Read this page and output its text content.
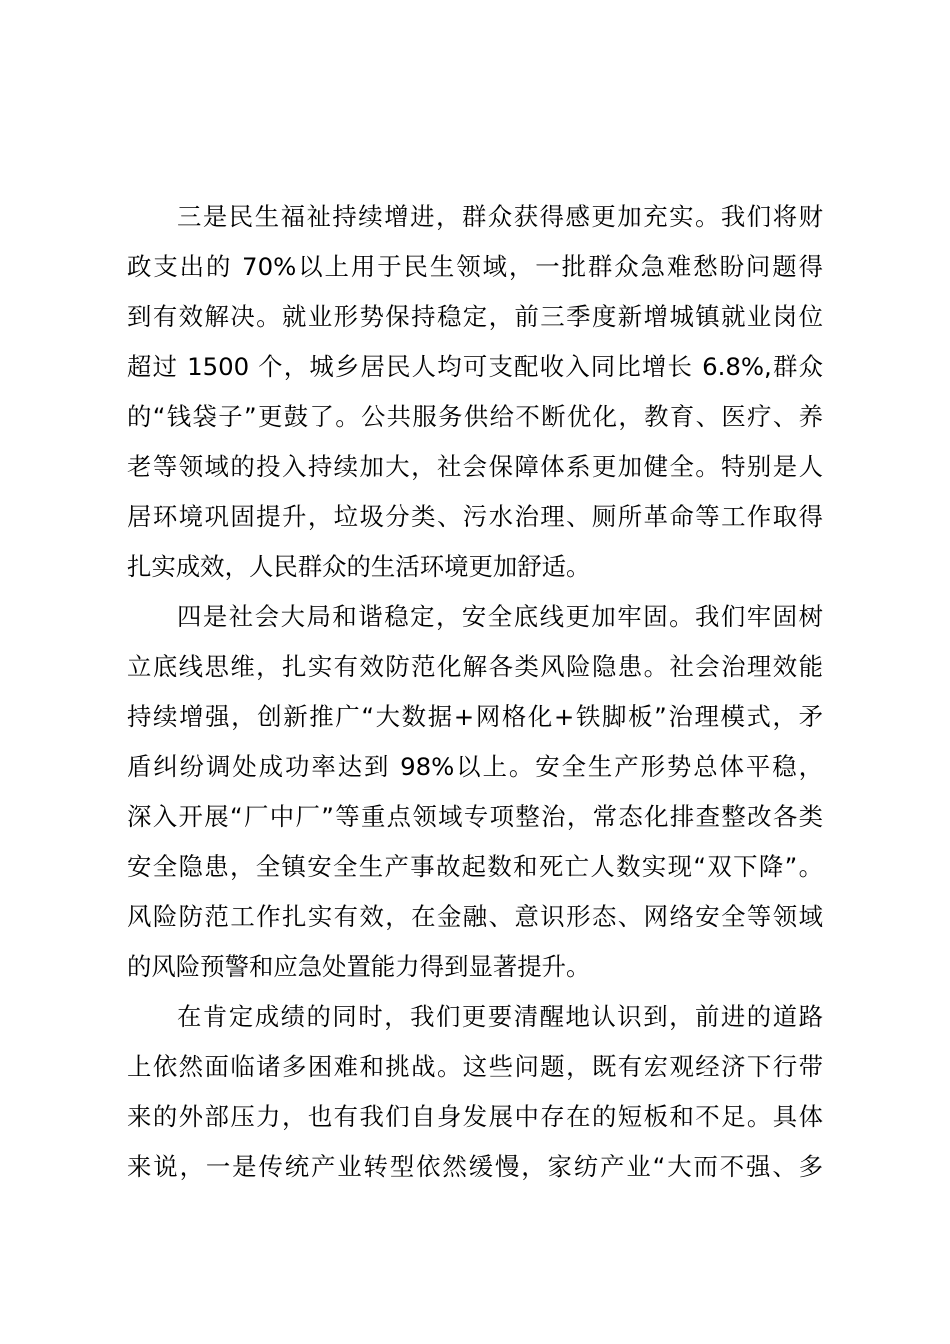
三是民生福祉持续增进，群众获得感更加充实。我们将财
政支出的 70%以上用于民生领域，一批群众急难愁盼问题得
到有效解决。就业形势保持稳定，前三季度新增城镇就业岗位
超过 1500 个，城乡居民人均可支配收入同比增长 6.8%,群众
的“钱袋子”更鼓了。公共服务供给不断优化，教育、医疗、养
老等领域的投入持续加大，社会保障体系更加健全。特别是人
居环境巩固提升，垃圾分类、污水治理、厕所革命等工作取得
扎实成效，人民群众的生活环境更加舒适。

四是社会大局和谐稳定，安全底线更加牢固。我们牢固树
立底线思维，扎实有效防范化解各类风险隐患。社会治理效能
持续增强，创新推广“大数据+网格化+铁脚板”治理模式，矛
盾纠纷调处成功率达到 98%以上。安全生产形势总体平稳，
深入开展“厂中厂”等重点领域专项整治，常态化排查整改各类
安全隐患，全镇安全生产事故起数和死亡人数实现“双下降”。
风险防范工作扎实有效，在金融、意识形态、网络安全等领域
的风险预警和应急处置能力得到显著提升。

在肯定成绩的同时，我们更要清醒地认识到，前进的道路
上依然面临诸多困难和挑战。这些问题，既有宏观经济下行带
来的外部压力，也有我们自身发展中存在的短板和不足。具体
来说，一是传统产业转型依然缓慢，家纺产业“大而不强、多
